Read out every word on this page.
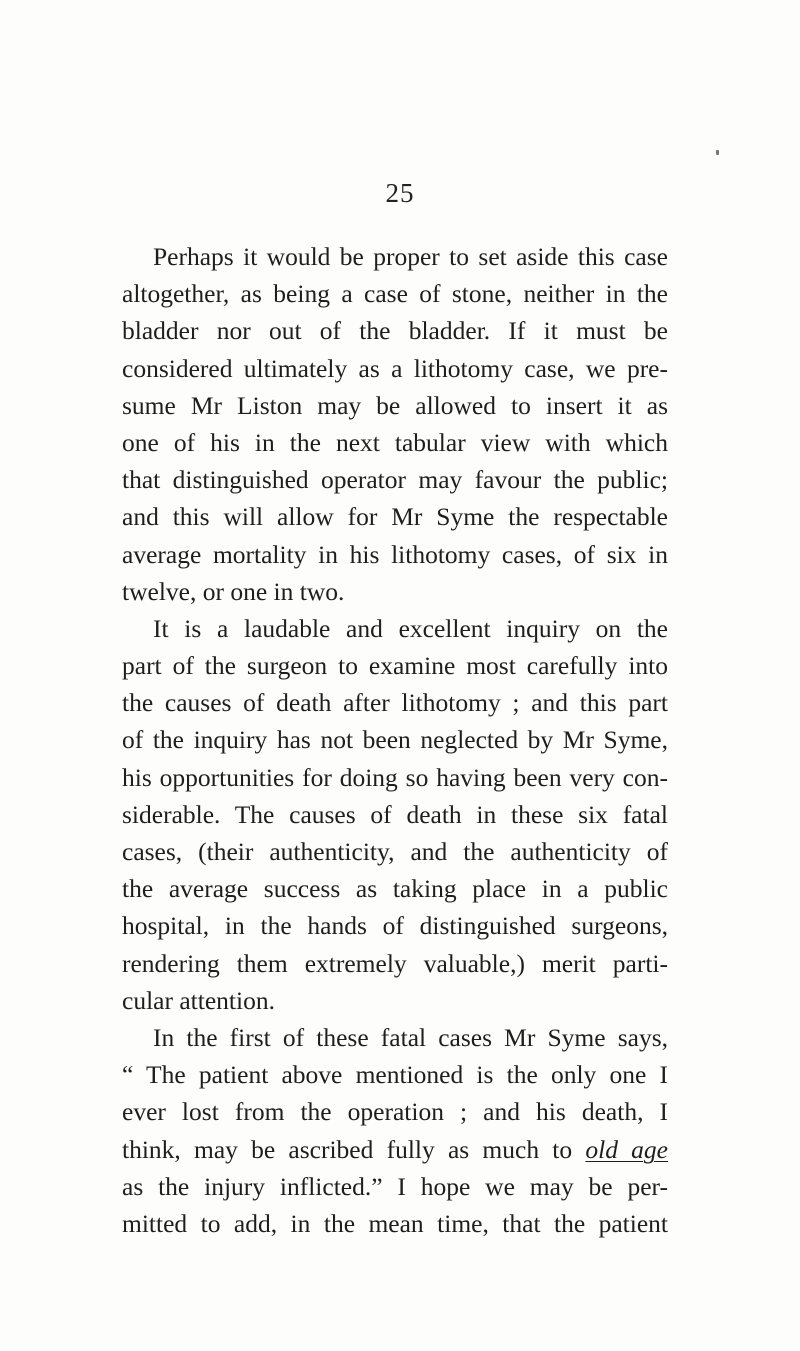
25
Perhaps it would be proper to set aside this case
altogether, as being a case of stone, neither in the
bladder nor out of the bladder. If it must be
considered ultimately as a lithotomy case, we pre-
sume Mr Liston may be allowed to insert it as
one of his in the next tabular view with which
that distinguished operator may favour the public;
and this will allow for Mr Syme the respectable
average mortality in his lithotomy cases, of six in
twelve, or one in two.
It is a laudable and excellent inquiry on the
part of the surgeon to examine most carefully into
the causes of death after lithotomy ; and this part
of the inquiry has not been neglected by Mr Syme,
his opportunities for doing so having been very con-
siderable. The causes of death in these six fatal
cases, (their authenticity, and the authenticity of
the average success as taking place in a public
hospital, in the hands of distinguished surgeons,
rendering them extremely valuable,) merit parti-
cular attention.
In the first of these fatal cases Mr Syme says,
“ The patient above mentioned is the only one I
ever lost from the operation ; and his death, I
think, may be ascribed fully as much to old age
as the injury inflicted.” I hope we may be per-
mitted to add, in the mean time, that the patient
